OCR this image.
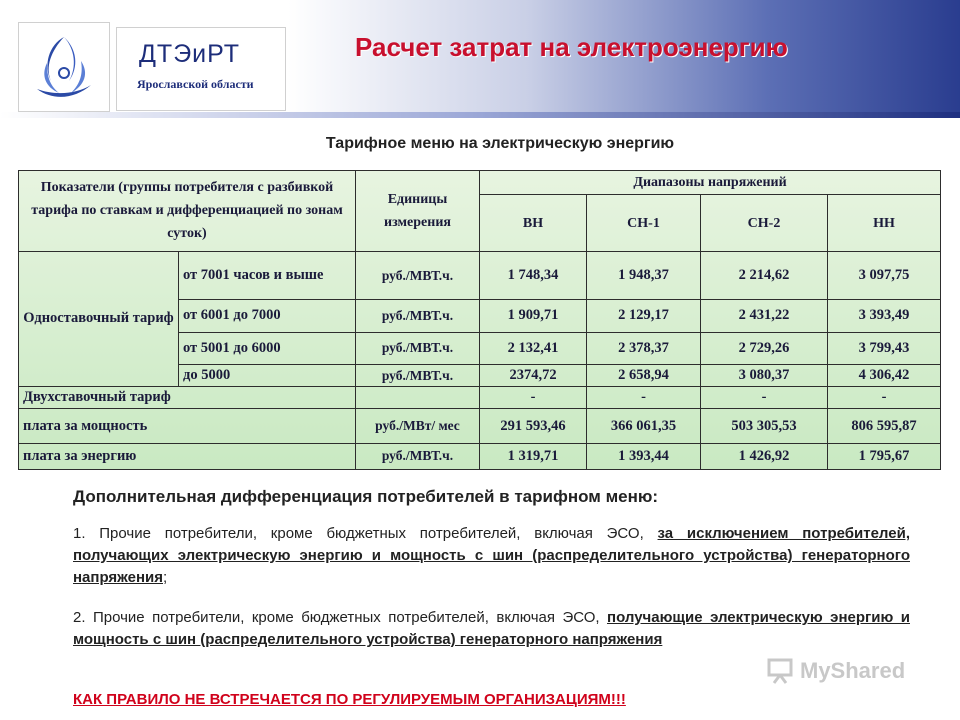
ДТЭиРТ
Ярославской области
Расчет затрат на электроэнергию
Тарифное меню на электрическую энергию
Показатели (группы потребителя с разбивкой тарифа по ставкам и дифференциацией по зонам суток)		Единицы измерения	Диапазоны напряжений			
			ВН	СН-1	СН-2	НН
Одноставочный тариф	от 7001 часов и выше	руб./МВТ.ч.	1 748,34	1 948,37	2 214,62	3 097,75
	от 6001 до 7000	руб./МВТ.ч.	1 909,71	2 129,17	2 431,22	3 393,49
	от 5001 до 6000	руб./МВТ.ч.	2 132,41	2 378,37	2 729,26	3 799,43
	до 5000	руб./МВТ.ч.	2374,72	2 658,94	3 080,37	4 306,42
Двухставочный тариф			-	-	-	-
плата за мощность		руб./МВт/ мес	291 593,46	366 061,35	503 305,53	806 595,87
плата за энергию		руб./МВТ.ч.	1 319,71	1 393,44	1 426,92	1 795,67
Дополнительная дифференциация потребителей в тарифном меню:
1. Прочие потребители, кроме бюджетных потребителей, включая ЭСО, за исключением потребителей, получающих электрическую энергию и мощность с шин (распределительного устройства) генераторного напряжения;
2. Прочие потребители, кроме бюджетных потребителей, включая ЭСО, получающие электрическую энергию и мощность с шин (распределительного устройства) генераторного напряжения
MyShared
КАК ПРАВИЛО НЕ ВСТРЕЧАЕТСЯ ПО РЕГУЛИРУЕМЫМ ОРГАНИЗАЦИЯМ!!!
